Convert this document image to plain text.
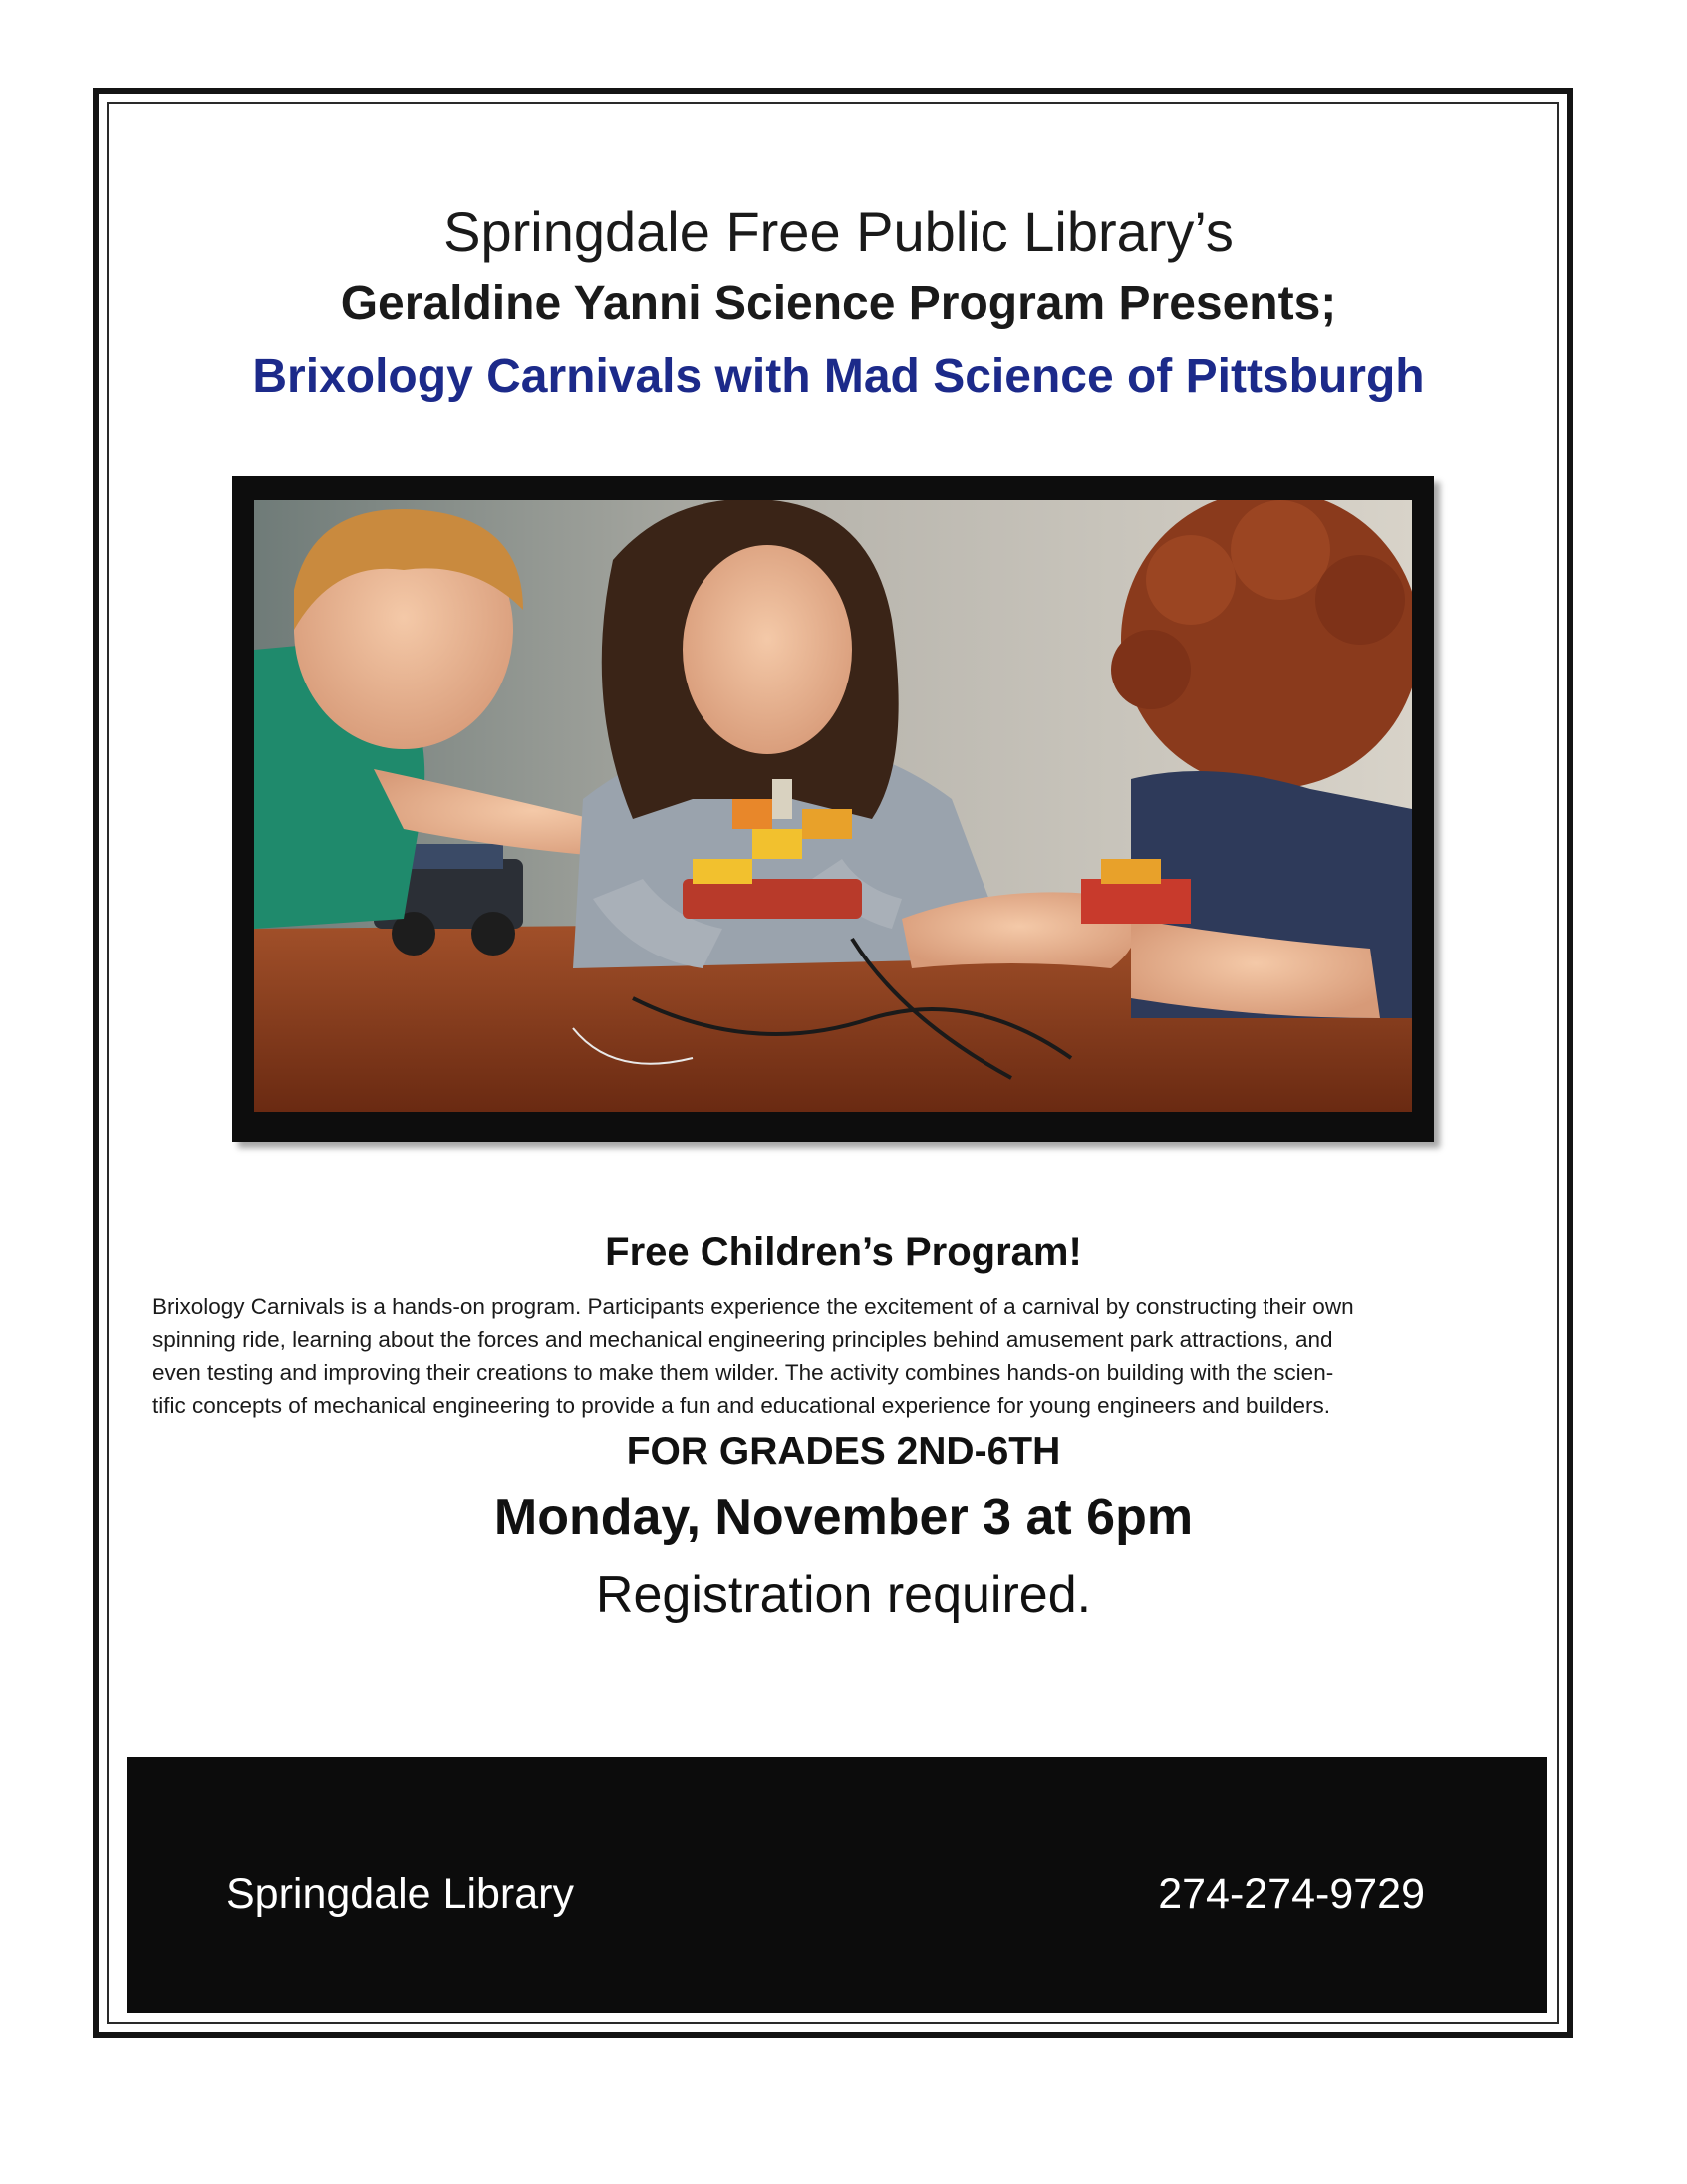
Springdale Free Public Library’s
Geraldine Yanni Science Program Presents;
Brixology Carnivals with Mad Science of Pittsburgh
Free Children’s Program!
Brixology Carnivals is a hands-on program. Participants experience the excitement of a carnival by constructing their own
spinning ride, learning about the forces and mechanical engineering principles behind amusement park attractions, and
even testing and improving their creations to make them wilder. The activity combines hands-on building with the scien-
tific concepts of mechanical engineering to provide a fun and educational experience for young engineers and builders.
FOR GRADES 2ND-6TH
Monday, November 3 at 6pm
Registration required.
Springdale Library	274-274-9729
